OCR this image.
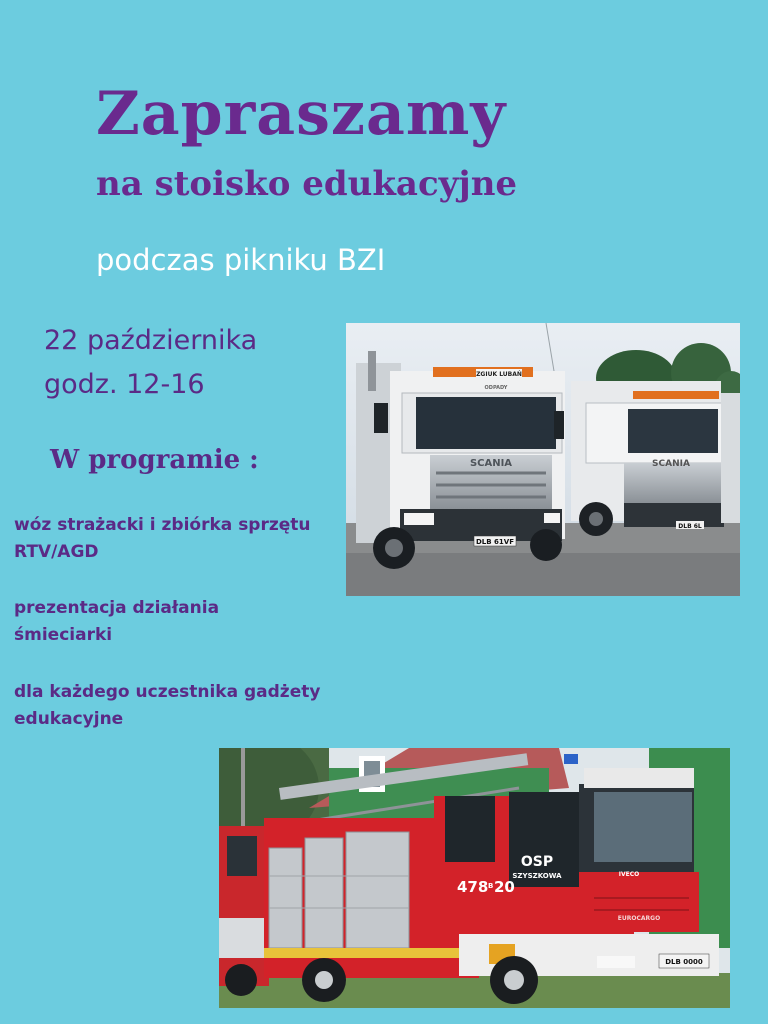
Zapraszamy
na stoisko edukacyjne
podczas pikniku BZI
22 października
godz. 12-16
W programie :
wóz strażacki i zbiórka sprzętu
RTV/AGD
prezentacja działania
śmieciarki
dla każdego uczestnika gadżety
edukacyjne
SCANIA
DLB 6L
ZGIUK LUBAŃ
SCANIA
ODPADY
DLB 61VF
IVECO
EUROCARGO
OSP
SZYSZKOWA
478 B 20
DLB 0000
